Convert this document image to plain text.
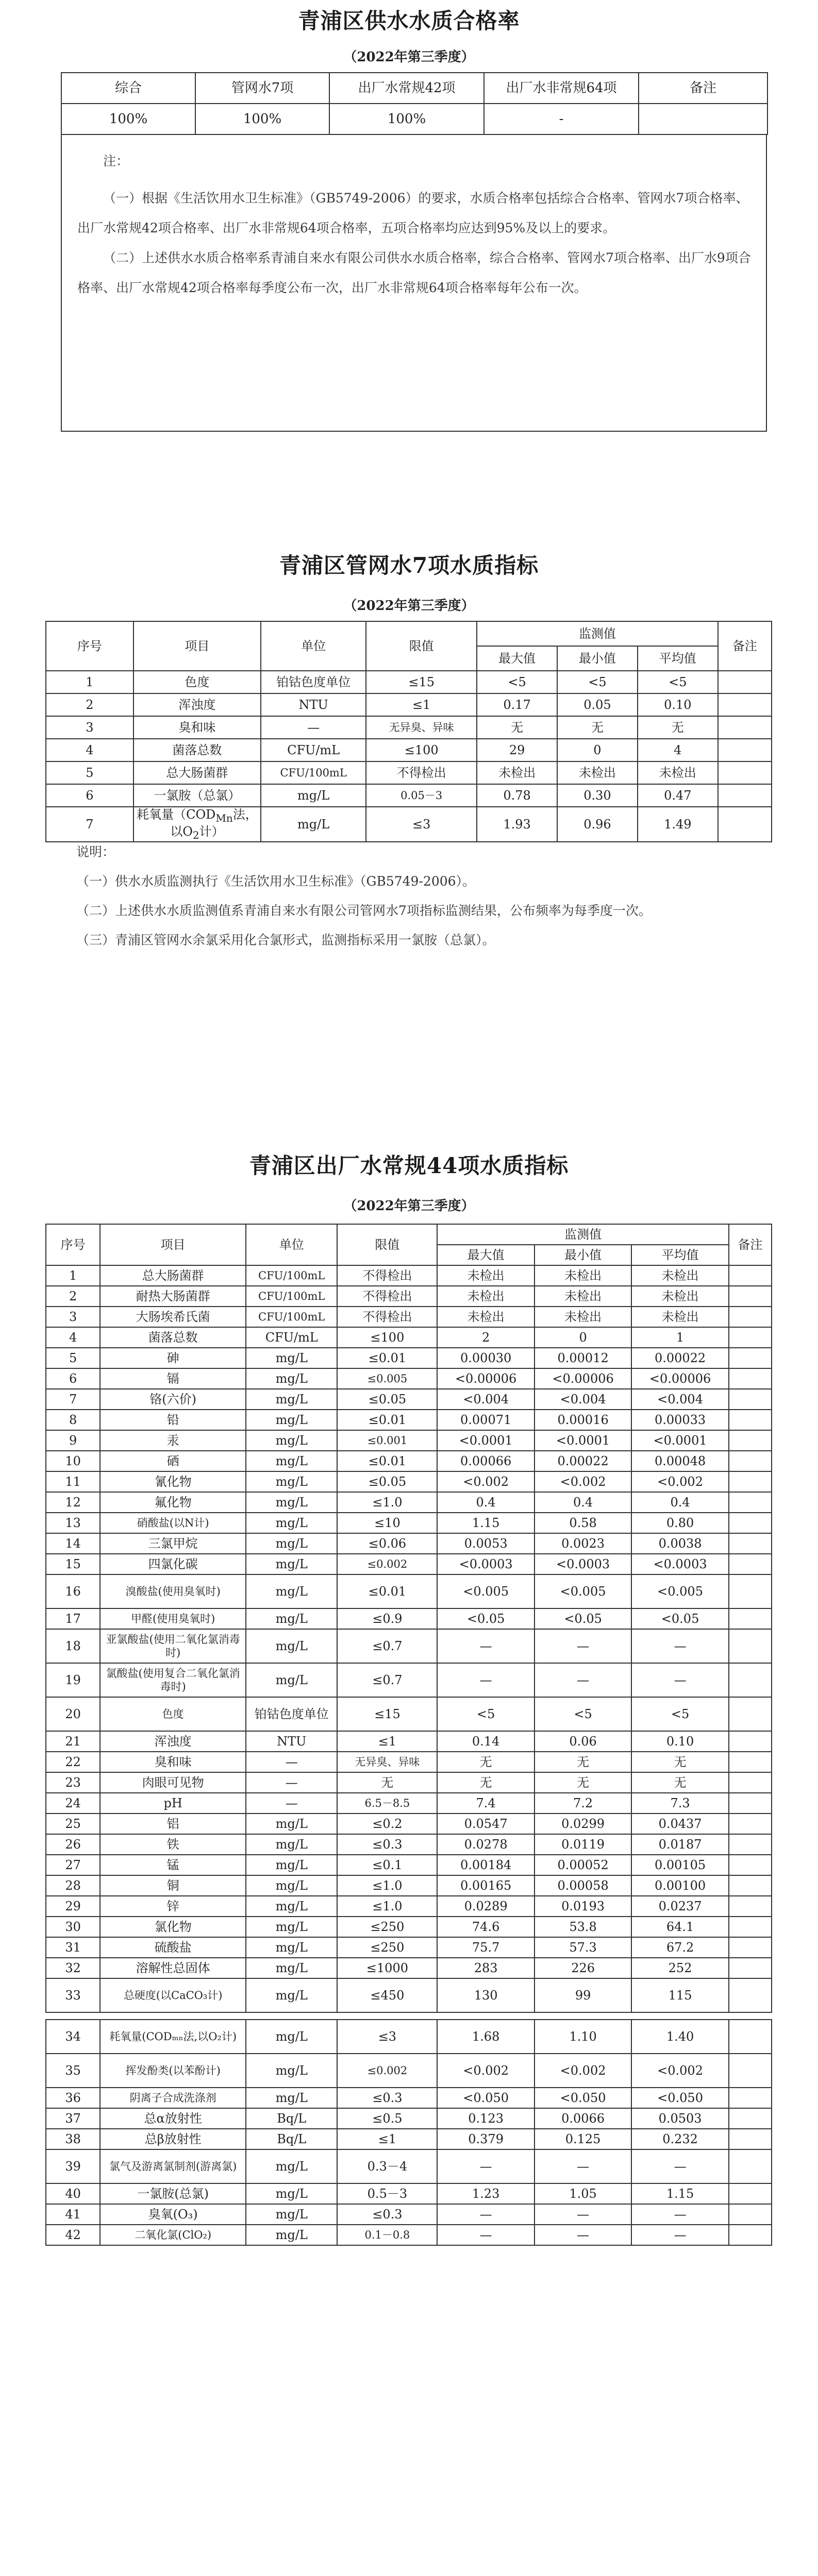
青浦区供水水质合格率
（2022年第三季度）
综合	管网水7项	出厂水常规42项	出厂水非常规64项	备注
100%	100%	100%	-	
注：
（一）根据《生活饮用水卫生标准》（GB5749-2006）的要求，水质合格率包括综合合格率、管网水7项合格率、出厂水常规42项合格率、出厂水非常规64项合格率，五项合格率均应达到95%及以上的要求。
（二）上述供水水质合格率系青浦自来水有限公司供水水质合格率，综合合格率、管网水7项合格率、出厂水9项合格率、出厂水常规42项合格率每季度公布一次，出厂水非常规64项合格率每年公布一次。
青浦区管网水7项水质指标
（2022年第三季度）
序号	项目	单位	限值	监测值			备注
				最大值	最小值	平均值	
1	色度	铂钴色度单位	≤15	<5	<5	<5	
2	浑浊度	NTU	≤1	0.17	0.05	0.10	
3	臭和味	—	无异臭、异味	无	无	无	
4	菌落总数	CFU/mL	≤100	29	0	4	
5	总大肠菌群	CFU/100mL	不得检出	未检出	未检出	未检出	
6	一氯胺（总氯）	mg/L	0.05－3	0.78	0.30	0.47	
7	耗氧量（$COD_{Mn}$法，以$O_2$计）	mg/L	≤3	1.93	0.96	1.49	
说明：
（一）供水水质监测执行《生活饮用水卫生标准》（GB5749-2006）。
（二）上述供水水质监测值系青浦自来水有限公司管网水7项指标监测结果，公布频率为每季度一次。
（三）青浦区管网水余氯采用化合氯形式，监测指标采用一氯胺（总氯）。
青浦区出厂水常规44项水质指标
（2022年第三季度）
序号	项目	单位	限值	监测值			备注
				最大值	最小值	平均值	
1	总大肠菌群	CFU/100mL	不得检出	未检出	未检出	未检出	
2	耐热大肠菌群	CFU/100mL	不得检出	未检出	未检出	未检出	
3	大肠埃希氏菌	CFU/100mL	不得检出	未检出	未检出	未检出	
4	菌落总数	CFU/mL	≤100	2	0	1	
5	砷	mg/L	≤0.01	0.00030	0.00012	0.00022	
6	镉	mg/L	≤0.005	<0.00006	<0.00006	<0.00006	
7	铬(六价)	mg/L	≤0.05	<0.004	<0.004	<0.004	
8	铅	mg/L	≤0.01	0.00071	0.00016	0.00033	
9	汞	mg/L	≤0.001	<0.0001	<0.0001	<0.0001	
10	硒	mg/L	≤0.01	0.00066	0.00022	0.00048	
11	氰化物	mg/L	≤0.05	<0.002	<0.002	<0.002	
12	氟化物	mg/L	≤1.0	0.4	0.4	0.4	
13	硝酸盐(以N计)	mg/L	≤10	1.15	0.58	0.80	
14	三氯甲烷	mg/L	≤0.06	0.0053	0.0023	0.0038	
15	四氯化碳	mg/L	≤0.002	<0.0003	<0.0003	<0.0003	
16	溴酸盐(使用臭氧时)	mg/L	≤0.01	<0.005	<0.005	<0.005	
17	甲醛(使用臭氧时)	mg/L	≤0.9	<0.05	<0.05	<0.05	
18	亚氯酸盐(使用二氧化氯消毒时)	mg/L	≤0.7	—	—	—	
19	氯酸盐(使用复合二氧化氯消毒时)	mg/L	≤0.7	—	—	—	
20	色度	铂钴色度单位	≤15	<5	<5	<5	
21	浑浊度	NTU	≤1	0.14	0.06	0.10	
22	臭和味	—	无异臭、异味	无	无	无	
23	肉眼可见物	—	无	无	无	无	
24	pH	—	6.5－8.5	7.4	7.2	7.3	
25	铝	mg/L	≤0.2	0.0547	0.0299	0.0437	
26	铁	mg/L	≤0.3	0.0278	0.0119	0.0187	
27	锰	mg/L	≤0.1	0.00184	0.00052	0.00105	
28	铜	mg/L	≤1.0	0.00165	0.00058	0.00100	
29	锌	mg/L	≤1.0	0.0289	0.0193	0.0237	
30	氯化物	mg/L	≤250	74.6	53.8	64.1	
31	硫酸盐	mg/L	≤250	75.7	57.3	67.2	
32	溶解性总固体	mg/L	≤1000	283	226	252	
33	总硬度(以CaCO₃计)	mg/L	≤450	130	99	115	

34	耗氧量(CODₘₙ法,以O₂计)	mg/L	≤3	1.68	1.10	1.40	
35	挥发酚类(以苯酚计)	mg/L	≤0.002	<0.002	<0.002	<0.002	
36	阴离子合成洗涤剂	mg/L	≤0.3	<0.050	<0.050	<0.050	
37	总α放射性	Bq/L	≤0.5	0.123	0.0066	0.0503	
38	总β放射性	Bq/L	≤1	0.379	0.125	0.232	
39	氯气及游离氯制剂(游离氯)	mg/L	0.3－4	—	—	—	
40	一氯胺(总氯)	mg/L	0.5－3	1.23	1.05	1.15	
41	臭氧(O₃)	mg/L	≤0.3	—	—	—	
42	二氧化氯(ClO₂)	mg/L	0.1－0.8	—	—	—	
